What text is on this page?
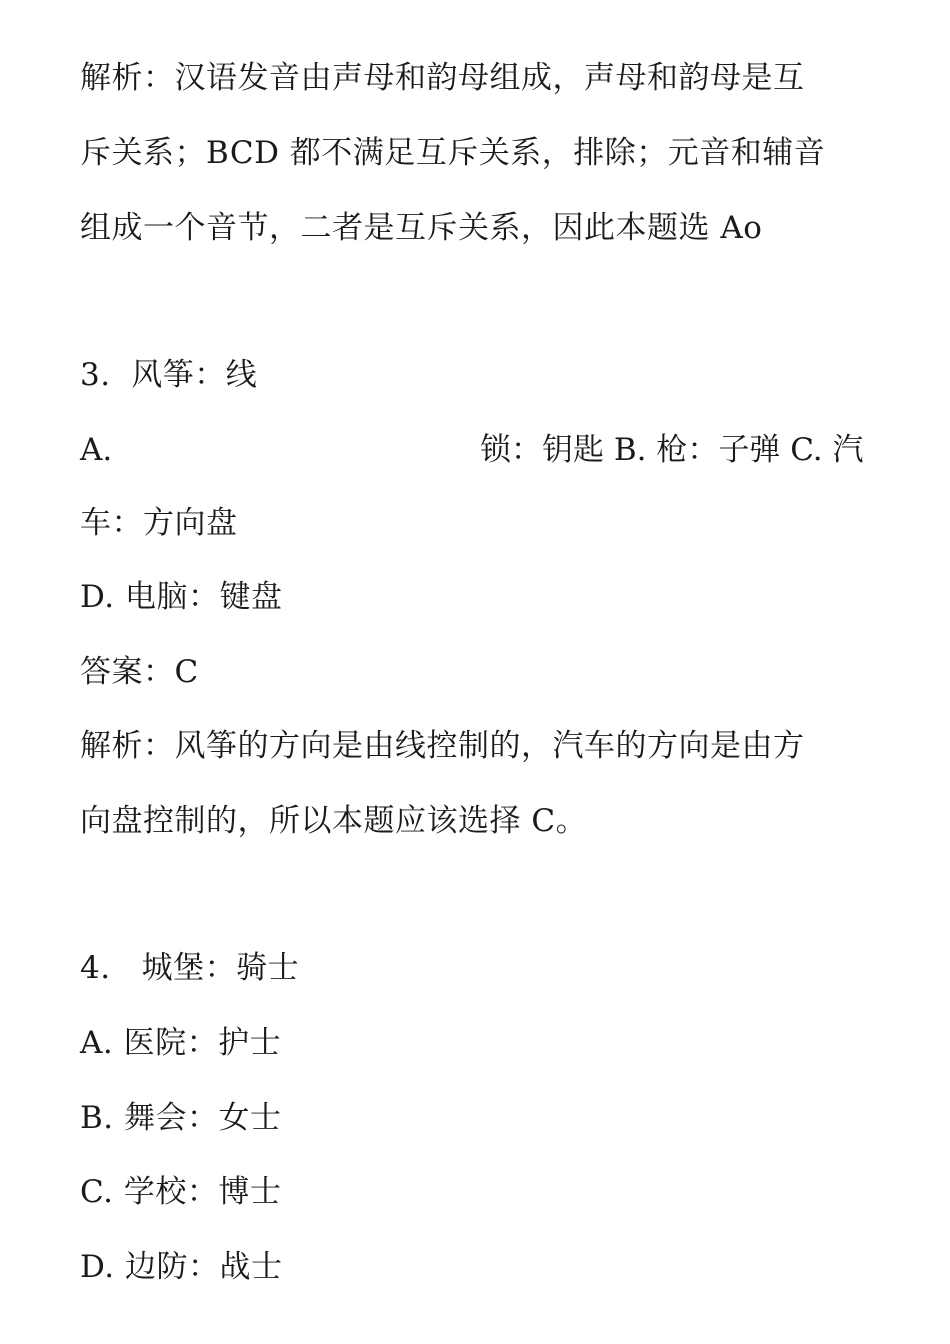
解析：汉语发音由声母和韵母组成，声母和韵母是互
斥关系；BCD 都不满足互斥关系，排除；元音和辅音
组成一个音节，二者是互斥关系，因此本题选 Ao
3.  风筝：线
A.	锁：钥匙 B. 枪：子弹 C. 汽
车：方向盘
D. 电脑：键盘
答案：C
解析：风筝的方向是由线控制的，汽车的方向是由方
向盘控制的，所以本题应该选择 C。
4.   城堡：骑士
A. 医院：护士
B. 舞会：女士
C. 学校：博士
D. 边防：战士
